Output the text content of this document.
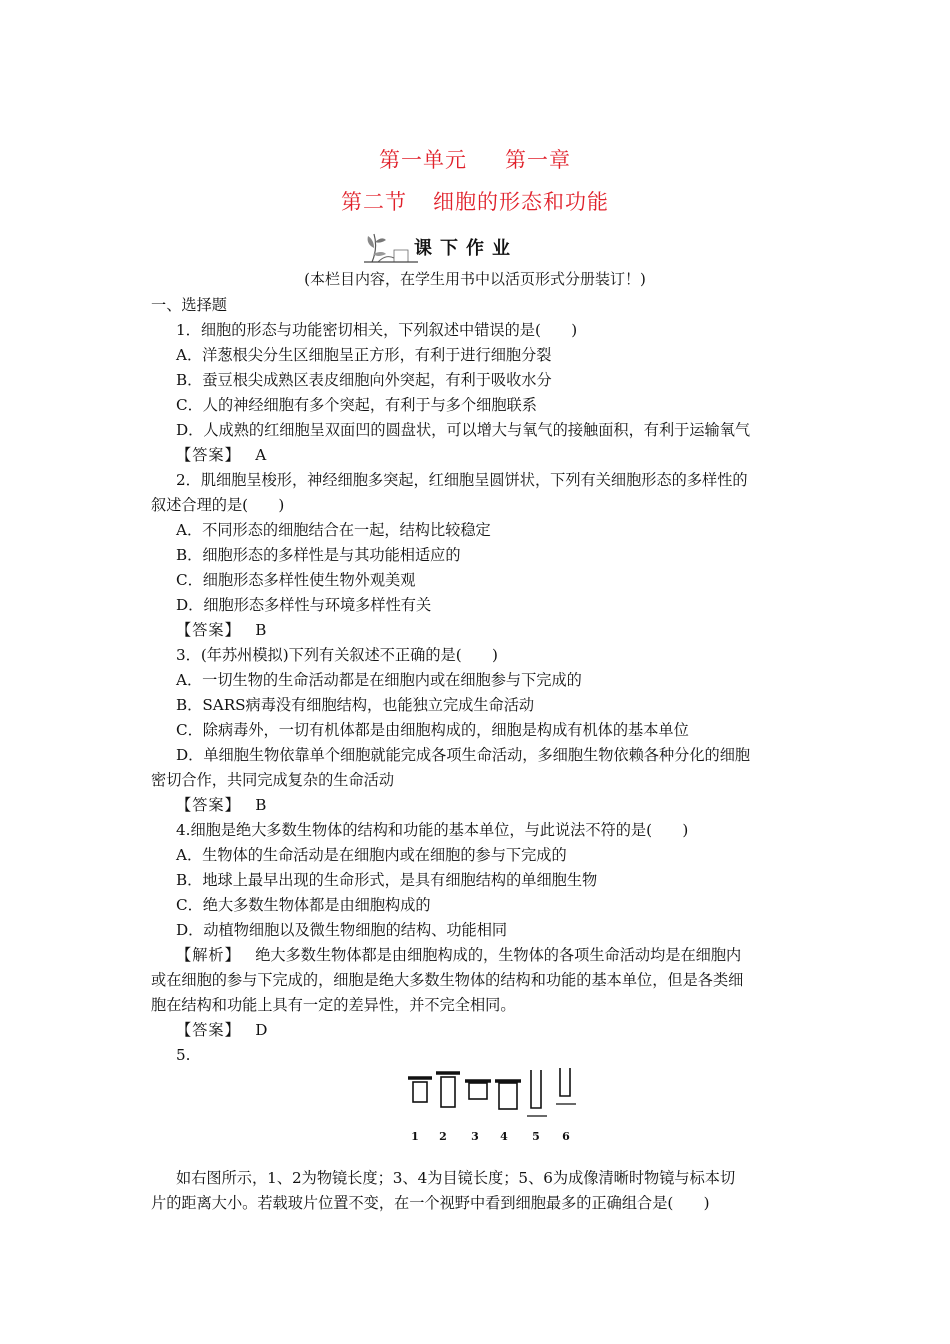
第一单元 第一章
第二节 细胞的形态和功能
课下作业
(本栏目内容，在学生用书中以活页形式分册装订！)
一、选择题
1．细胞的形态与功能密切相关，下列叙述中错误的是(　　)
A．洋葱根尖分生区细胞呈正方形，有利于进行细胞分裂
B．蚕豆根尖成熟区表皮细胞向外突起，有利于吸收水分
C．人的神经细胞有多个突起，有利于与多个细胞联系
D．人成熟的红细胞呈双面凹的圆盘状，可以增大与氧气的接触面积，有利于运输氧气
【答案】 A
2．肌细胞呈梭形，神经细胞多突起，红细胞呈圆饼状，下列有关细胞形态的多样性的
叙述合理的是(　　)
A．不同形态的细胞结合在一起，结构比较稳定
B．细胞形态的多样性是与其功能相适应的
C．细胞形态多样性使生物外观美观
D．细胞形态多样性与环境多样性有关
【答案】 B
3．(年苏州模拟)下列有关叙述不正确的是(　　)
A．一切生物的生命活动都是在细胞内或在细胞参与下完成的
B．SARS病毒没有细胞结构，也能独立完成生命活动
C．除病毒外，一切有机体都是由细胞构成的，细胞是构成有机体的基本单位
D．单细胞生物依靠单个细胞就能完成各项生命活动，多细胞生物依赖各种分化的细胞
密切合作，共同完成复杂的生命活动
【答案】 B
4.细胞是绝大多数生物体的结构和功能的基本单位，与此说法不符的是(　　)
A．生物体的生命活动是在细胞内或在细胞的参与下完成的
B．地球上最早出现的生命形式，是具有细胞结构的单细胞生物
C．绝大多数生物体都是由细胞构成的
D．动植物细胞以及微生物细胞的结构、功能相同
【解析】 绝大多数生物体都是由细胞构成的，生物体的各项生命活动均是在细胞内
或在细胞的参与下完成的，细胞是绝大多数生物体的结构和功能的基本单位，但是各类细
胞在结构和功能上具有一定的差异性，并不完全相同。
【答案】 D
5.
1 2 3 4 5 6
如右图所示，1、2为物镜长度；3、4为目镜长度；5、6为成像清晰时物镜与标本切
片的距离大小。若载玻片位置不变，在一个视野中看到细胞最多的正确组合是(　　)
